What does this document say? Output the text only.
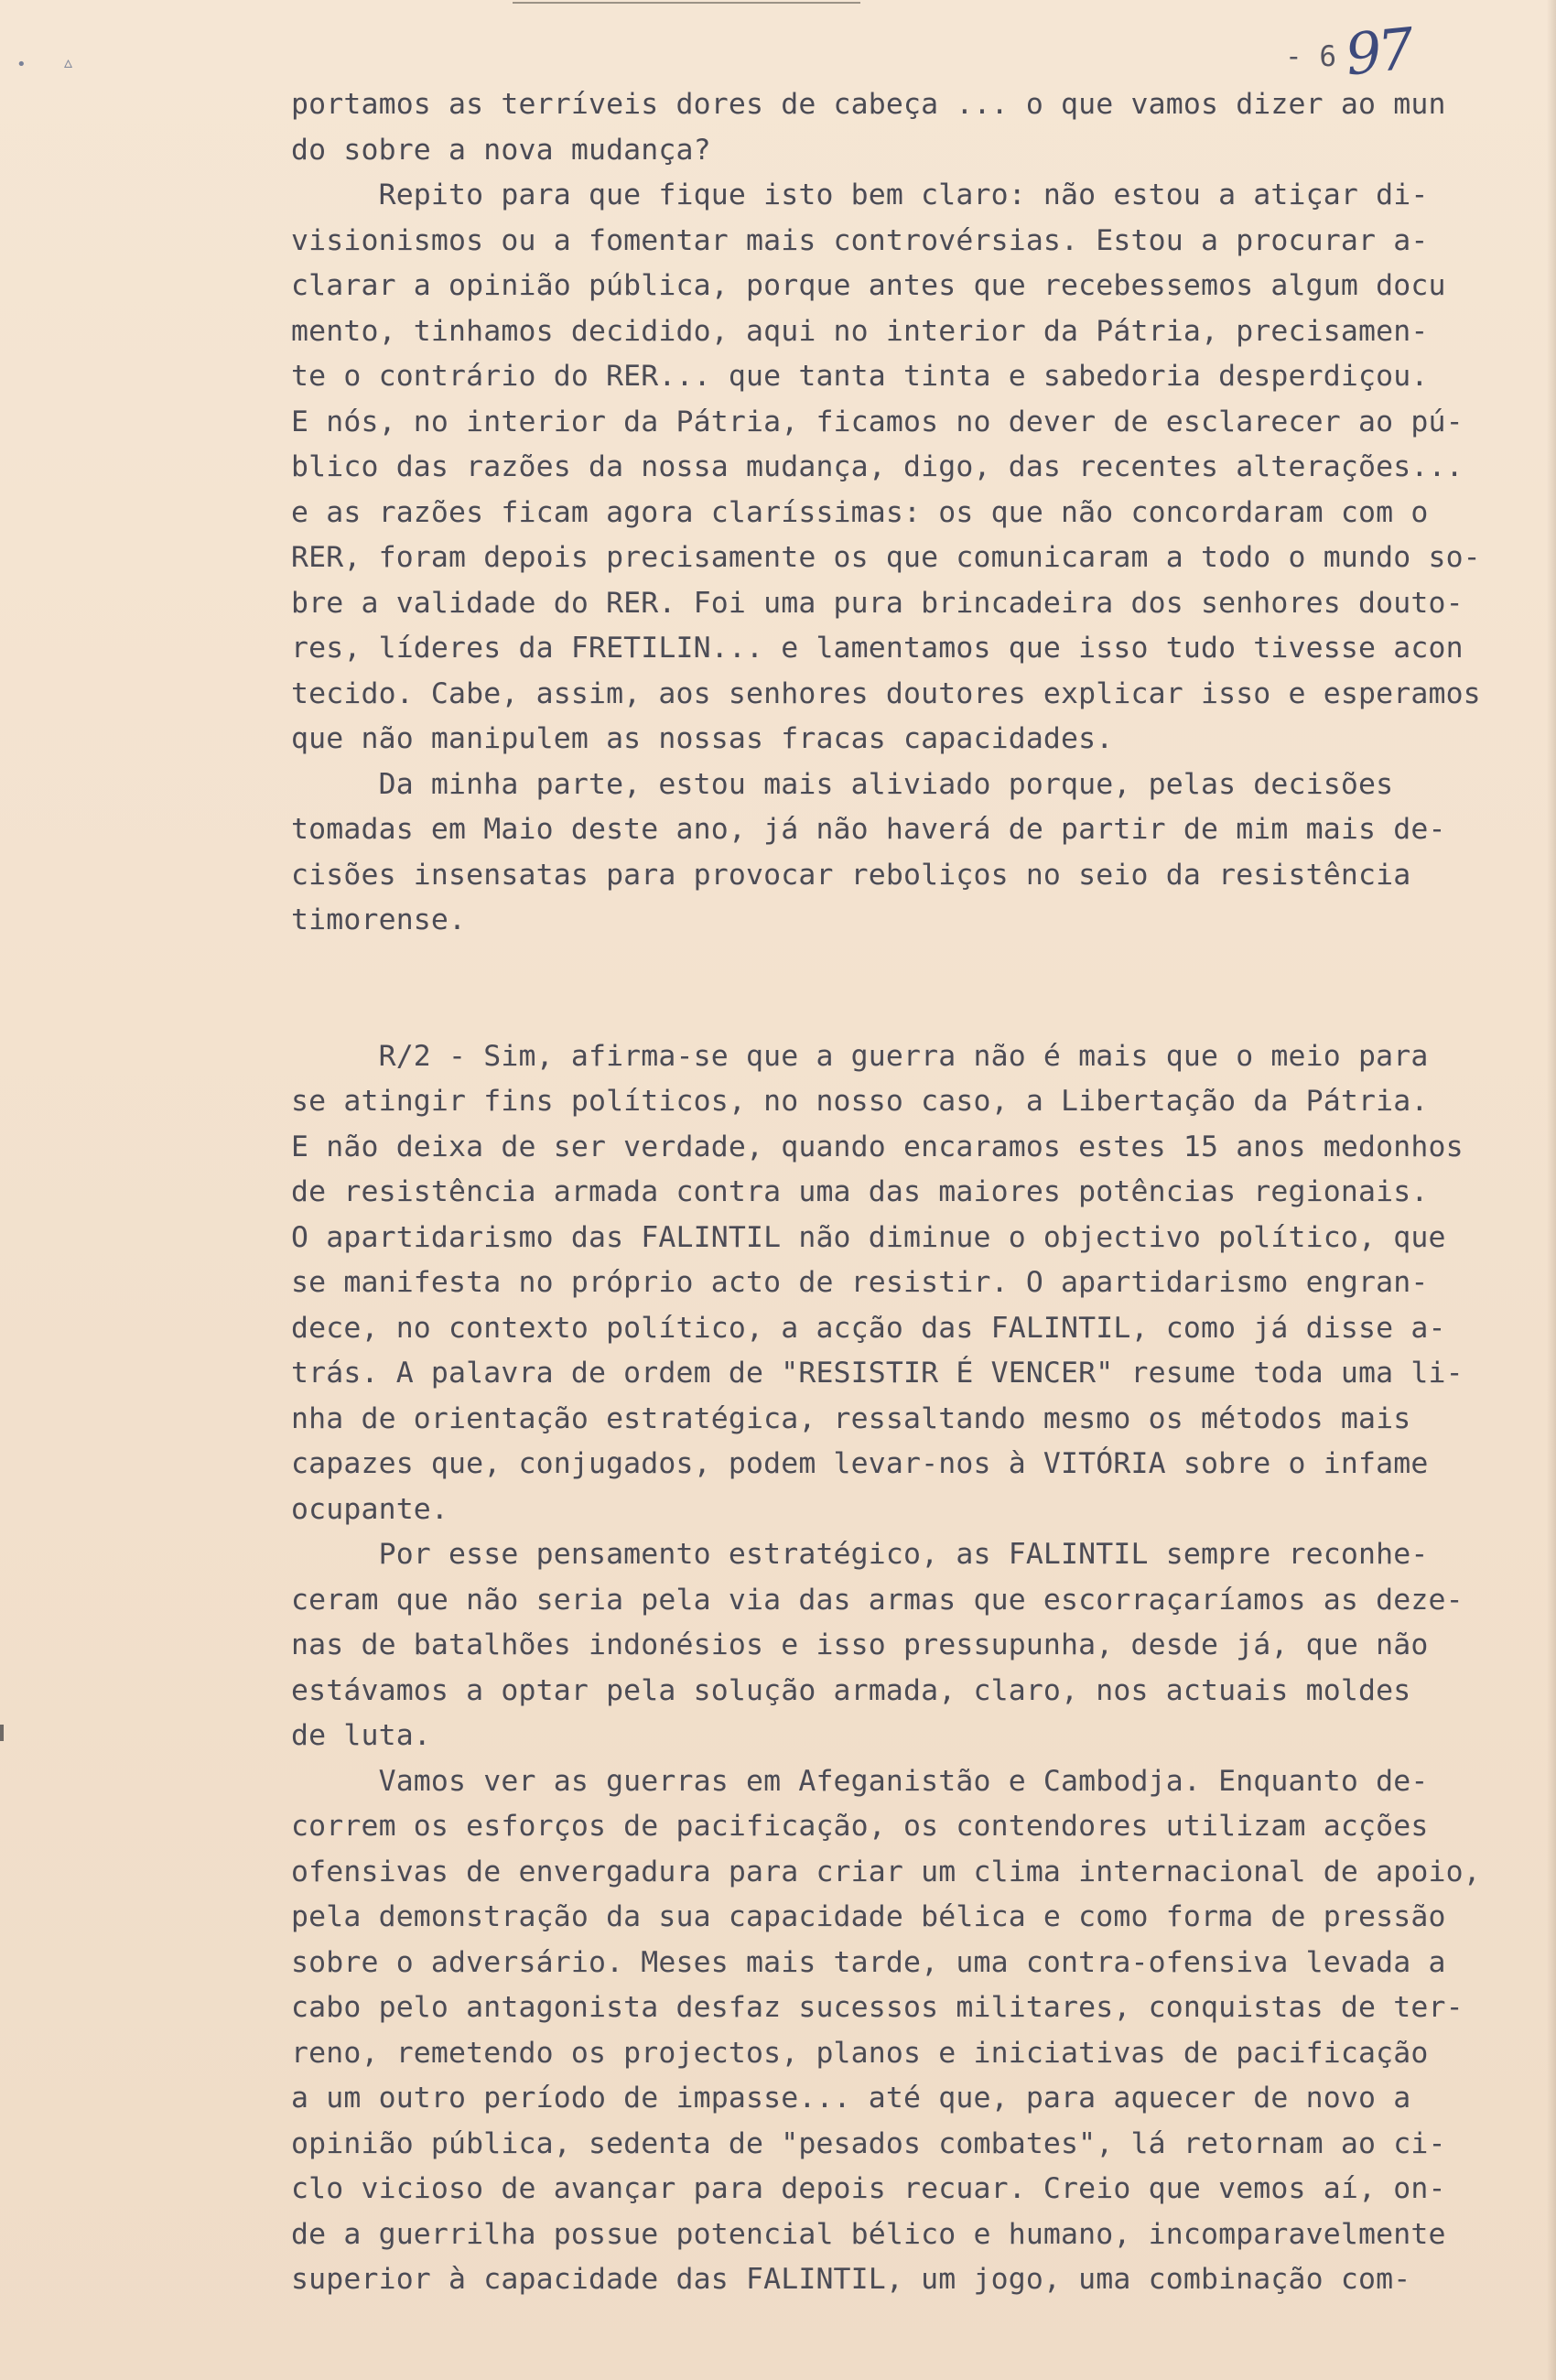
• ▵	- 6 97
portamos as terríveis dores de cabeça ... o que vamos dizer ao mun
do sobre a nova mudança?
Repito para que fique isto bem claro: não estou a atiçar di-
visionismos ou a fomentar mais controvérsias. Estou a procurar a-
clarar a opinião pública, porque antes que recebessemos algum docu
mento, tinhamos decidido, aqui no interior da Pátria, precisamen-
te o contrário do RER... que tanta tinta e sabedoria desperdiçou.
E nós, no interior da Pátria, ficamos no dever de esclarecer ao pú-
blico das razões da nossa mudança, digo, das recentes alterações...
e as razões ficam agora claríssimas: os que não concordaram com o
RER, foram depois precisamente os que comunicaram a todo o mundo so-
bre a validade do RER. Foi uma pura brincadeira dos senhores douto-
res, líderes da FRETILIN... e lamentamos que isso tudo tivesse acon
tecido. Cabe, assim, aos senhores doutores explicar isso e esperamos
que não manipulem as nossas fracas capacidades.
Da minha parte, estou mais aliviado porque, pelas decisões
tomadas em Maio deste ano, já não haverá de partir de mim mais de-
cisões insensatas para provocar reboliços no seio da resistência
timorense.
R/2 - Sim, afirma-se que a guerra não é mais que o meio para
se atingir fins políticos, no nosso caso, a Libertação da Pátria.
E não deixa de ser verdade, quando encaramos estes 15 anos medonhos
de resistência armada contra uma das maiores potências regionais.
O apartidarismo das FALINTIL não diminue o objectivo político, que
se manifesta no próprio acto de resistir. O apartidarismo engran-
dece, no contexto político, a acção das FALINTIL, como já disse a-
trás. A palavra de ordem de "RESISTIR É VENCER" resume toda uma li-
nha de orientação estratégica, ressaltando mesmo os métodos mais
capazes que, conjugados, podem levar-nos à VITÓRIA sobre o infame
ocupante.
Por esse pensamento estratégico, as FALINTIL sempre reconhe-
ceram que não seria pela via das armas que escorraçaríamos as deze-
nas de batalhões indonésios e isso pressupunha, desde já, que não
estávamos a optar pela solução armada, claro, nos actuais moldes
de luta.
Vamos ver as guerras em Afeganistão e Cambodja. Enquanto de-
correm os esforços de pacificação, os contendores utilizam acções
ofensivas de envergadura para criar um clima internacional de apoio,
pela demonstração da sua capacidade bélica e como forma de pressão
sobre o adversário. Meses mais tarde, uma contra-ofensiva levada a
cabo pelo antagonista desfaz sucessos militares, conquistas de ter-
reno, remetendo os projectos, planos e iniciativas de pacificação
a um outro período de impasse... até que, para aquecer de novo a
opinião pública, sedenta de "pesados combates", lá retornam ao ci-
clo vicioso de avançar para depois recuar. Creio que vemos aí, on-
de a guerrilha possue potencial bélico e humano, incomparavelmente
superior à capacidade das FALINTIL, um jogo, uma combinação com-
